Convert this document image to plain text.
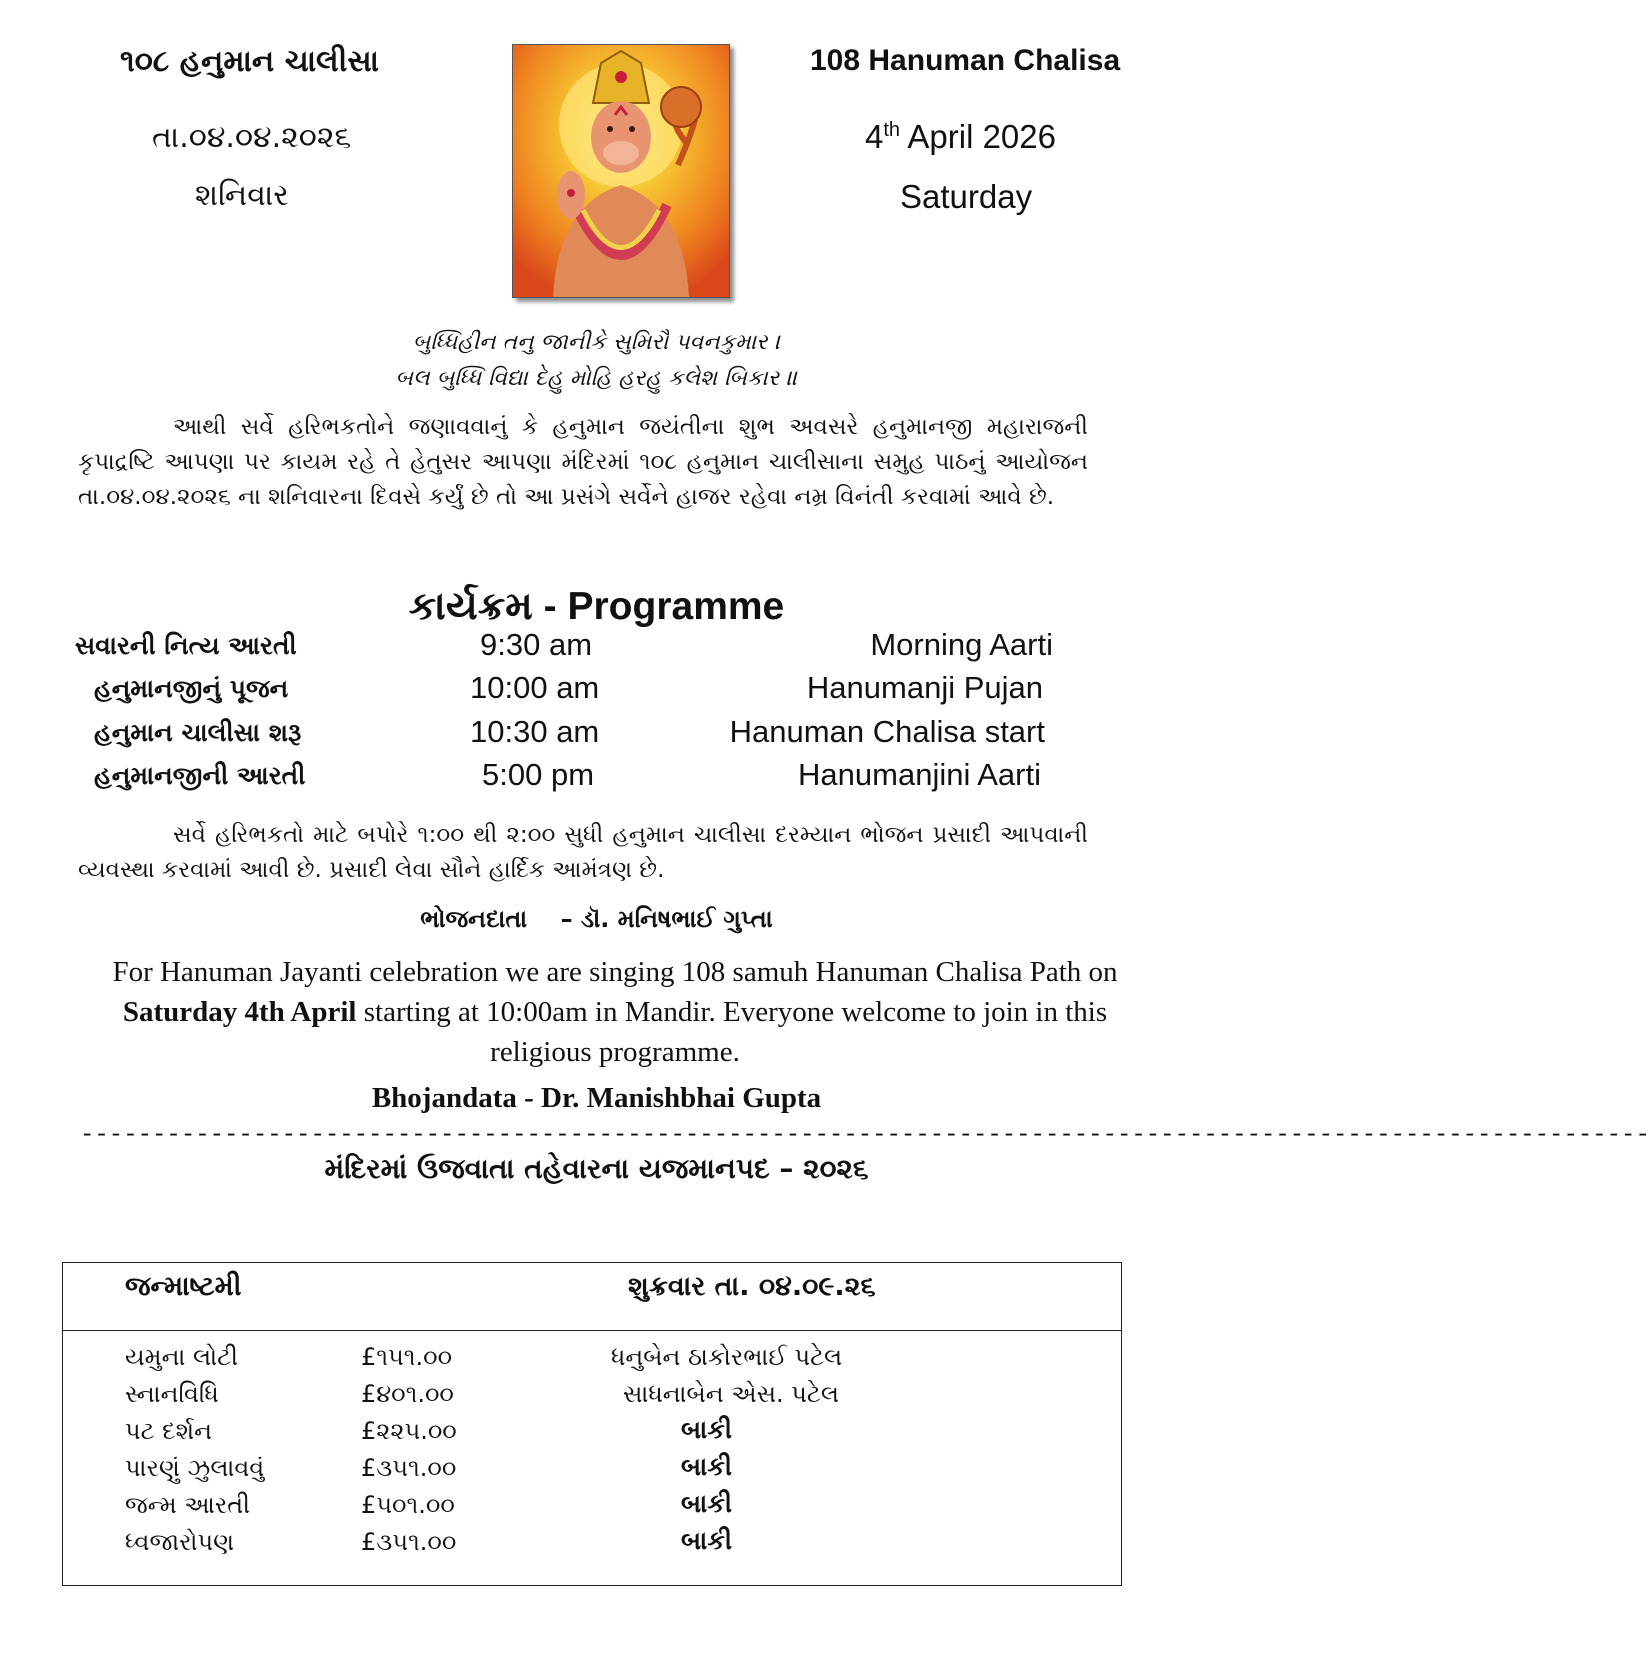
૧૦૮ હનુમાન ચાલીસા
તા.૦૪.૦૪.૨૦૨૬
શનિવાર
108 Hanuman Chalisa
4th April 2026
Saturday
બુધ્ધિહીન તનુ જાનીકે સુમિરૌ પવનકુમાર ।
બલ બુધ્ધિ વિદ્યા દેહુ મોહિ હરહુ કલેશ બિકાર ॥
આથી સર્વે હરિભકતોને જણાવવાનું કે હનુમાન જયંતીના શુભ અવસરે હનુમાનજી મહારાજની કૃપાદ્રષ્ટિ આપણા પર કાયમ રહે તે હેતુસર આપણા મંદિરમાં ૧૦૮ હનુમાન ચાલીસાના સમુહ પાઠનું આયોજન તા.૦૪.૦૪.૨૦૨૬ ના શનિવારના દિવસે કર્યું છે તો આ પ્રસંગે સર્વેને હાજર રહેવા નમ્ર વિનંતી કરવામાં આવે છે.
કાર્યક્રમ - Programme
સવારની નિત્ય આરતી	9:30 am	Morning Aarti
હનુમાનજીનું પૂજન	10:00 am	Hanumanji Pujan
હનુમાન ચાલીસા શરૂ	10:30 am	Hanuman Chalisa start
હનુમાનજીની આરતી	5:00 pm	Hanumanjini Aarti
સર્વે હરિભકતો માટે બપોરે ૧:૦૦ થી ૨:૦૦ સુધી હનુમાન ચાલીસા દરમ્યાન ભોજન પ્રસાદી આપવાની વ્યવસ્થા કરવામાં આવી છે. પ્રસાદી લેવા સૌને હાર્દિક આમંત્રણ છે.
ભોજનદાતા    – ડૉ. મનિષભાઈ ગુપ્તા
For Hanuman Jayanti celebration we are singing 108 samuh Hanuman Chalisa Path on Saturday 4th April starting at 10:00am in Mandir. Everyone welcome to join in this religious programme.
Bhojandata - Dr. Manishbhai Gupta
-------------------------------------------------------------------------------------------------------------
મંદિરમાં ઉજવાતા તહેવારના યજમાનપદ – ૨૦૨૬
જન્માષ્ટમી	શુક્રવાર તા. ૦૪.૦૯.૨૬
યમુના લોટી	£૧૫૧.૦૦	ધનુબેન ઠાકોરભાઈ પટેલ
સ્નાનવિધિ	£૪૦૧.૦૦	સાધનાબેન એસ. પટેલ
પટ દર્શન	£૨૨૫.૦૦	બાકી
પારણું ઝુલાવવું	£૩૫૧.૦૦	બાકી
જન્મ આરતી	£૫૦૧.૦૦	બાકી
ધ્વજારોપણ	£૩૫૧.૦૦	બાકી
